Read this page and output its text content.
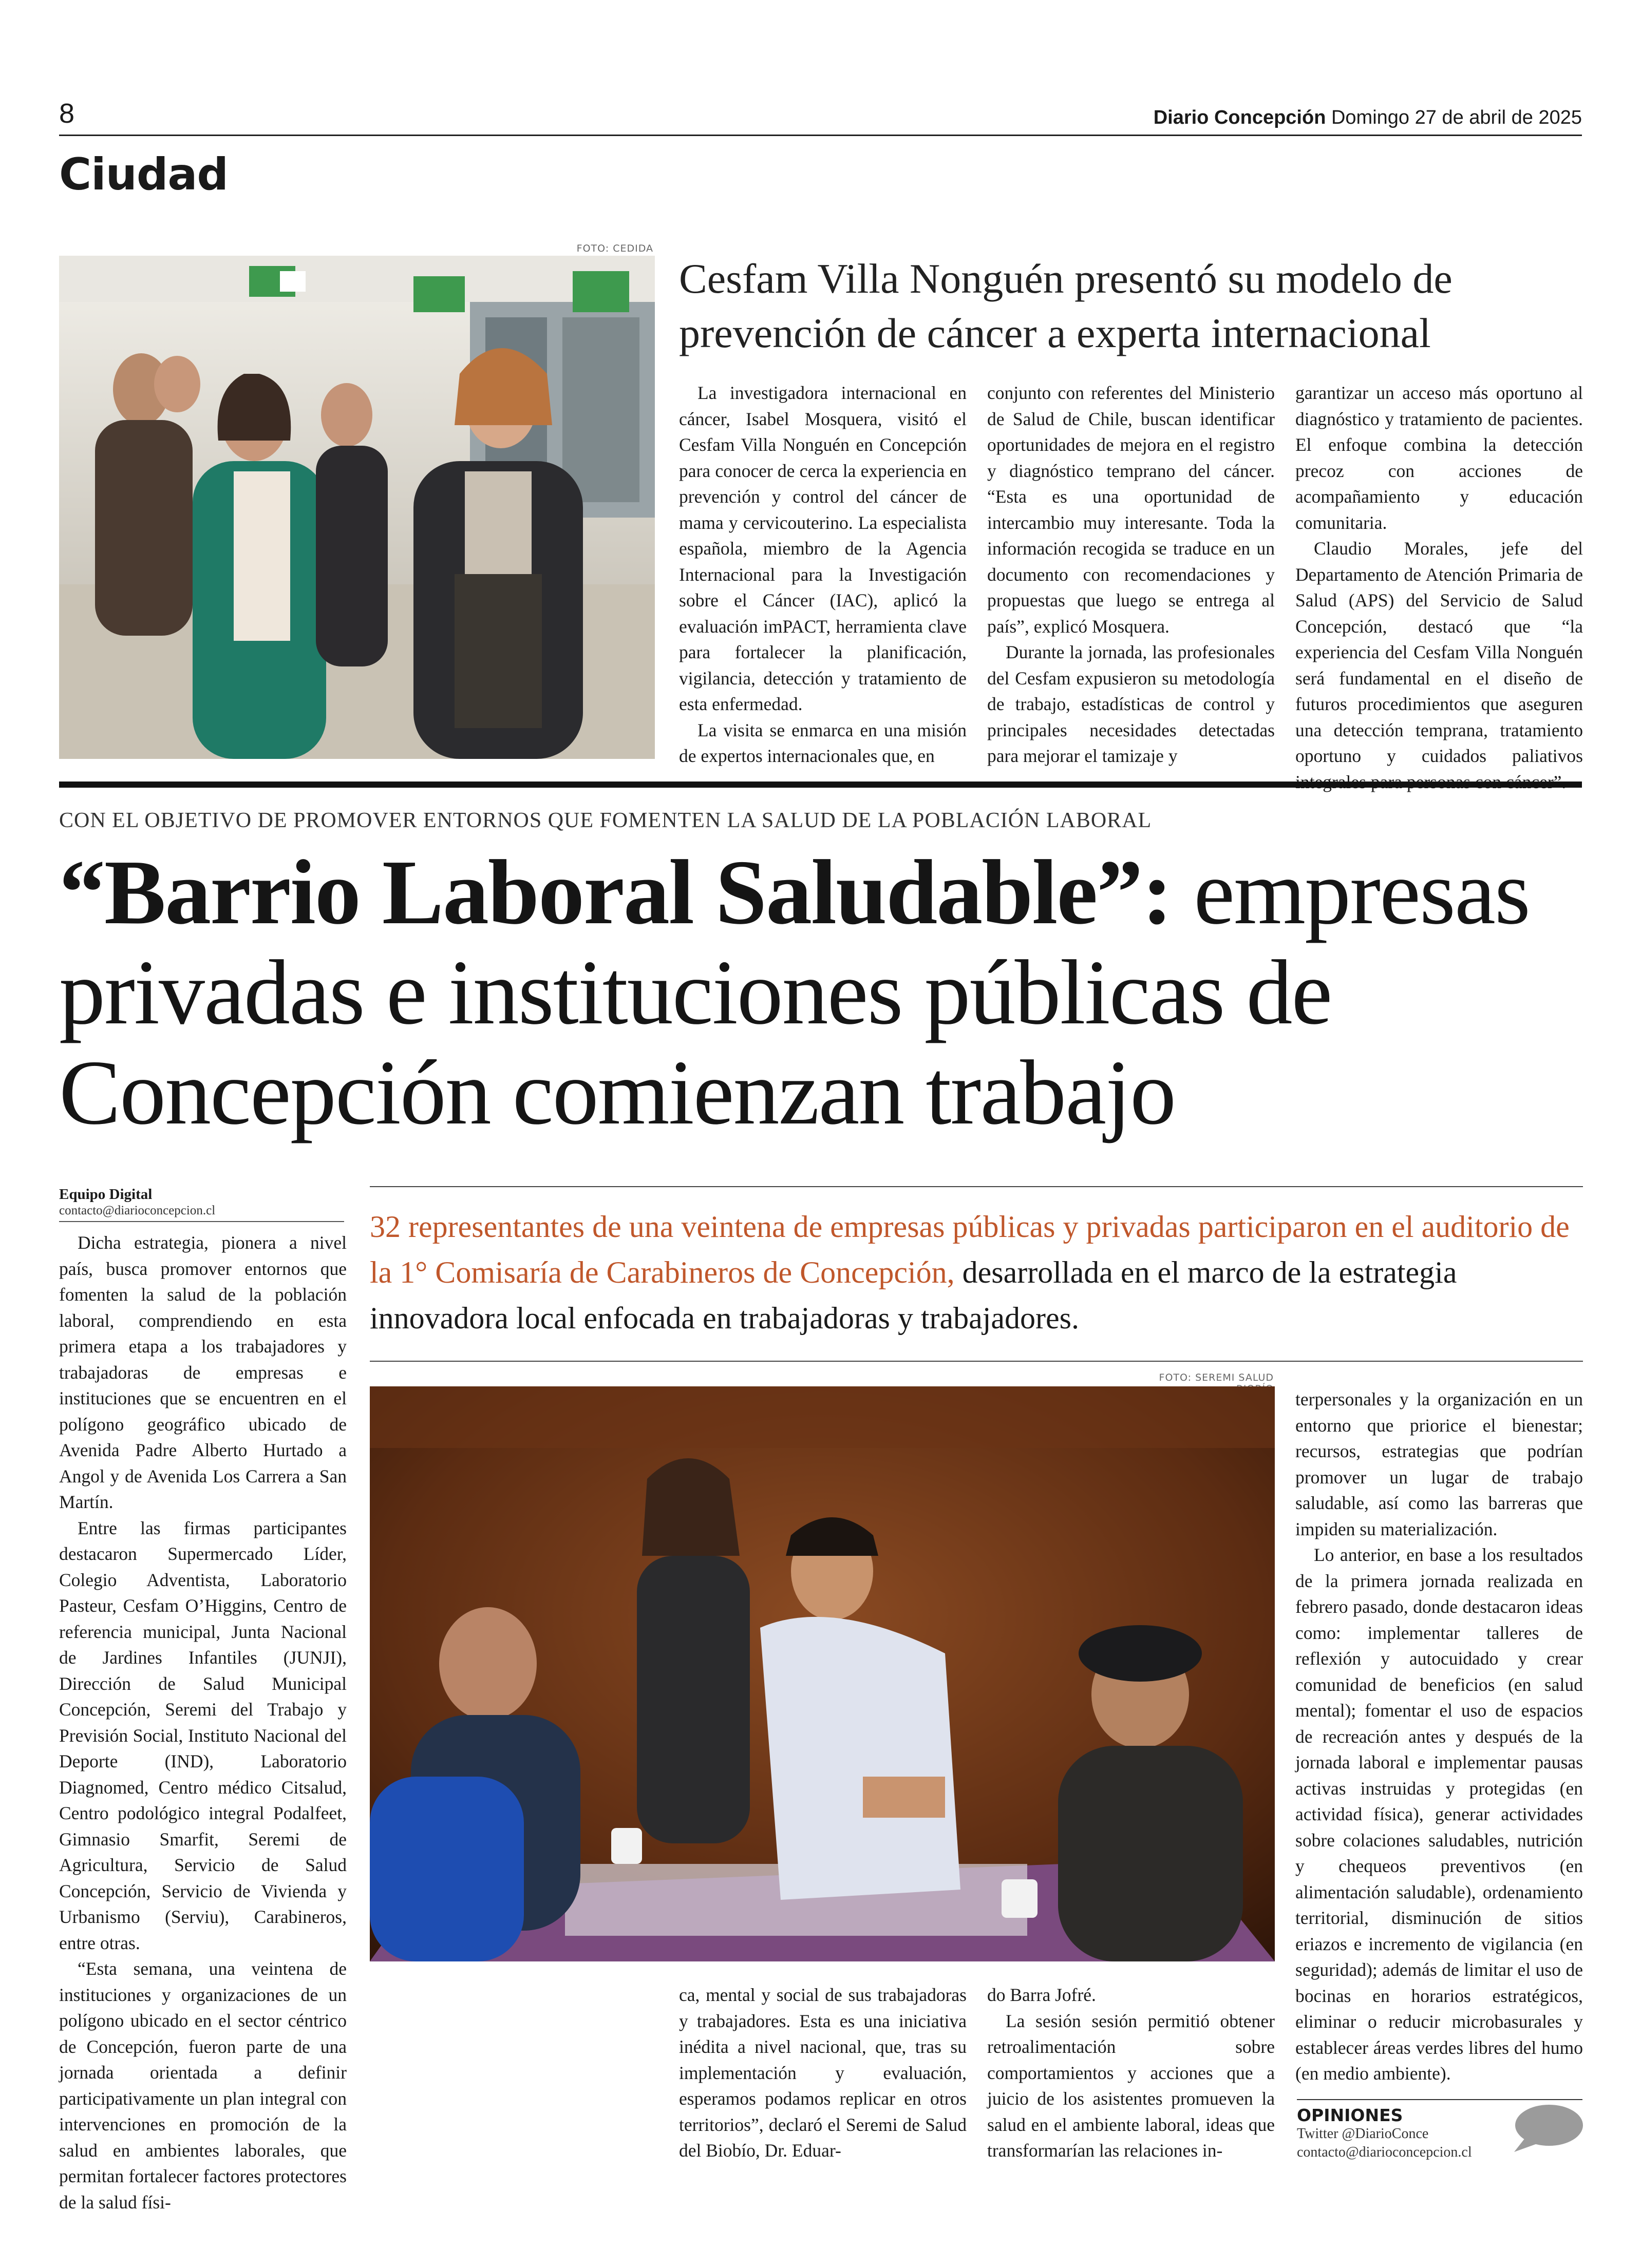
8	Diario Concepción Domingo 27 de abril de 2025
Ciudad
FOTO: CEDIDA
Cesfam Villa Nonguén presentó su modelo de prevención de cáncer a experta internacional

La investigadora internacional en cáncer, Isabel Mosquera, visitó el Cesfam Villa Nonguén en Concepción para conocer de cerca la experiencia en prevención y control del cáncer de mama y cervicouterino. La especialista española, miembro de la Agencia Internacional para la Investigación sobre el Cáncer (IAC), aplicó la evaluación imPACT, herramienta clave para fortalecer la planificación, vigilancia, detección y tratamiento de esta enfermedad.

La visita se enmarca en una misión de expertos internacionales que, en

conjunto con referentes del Ministerio de Salud de Chile, buscan identificar oportunidades de mejora en el registro y diagnóstico temprano del cáncer. “Esta es una oportunidad de intercambio muy interesante. Toda la información recogida se traduce en un documento con recomendaciones y propuestas que luego se entrega al país”, explicó Mosquera.

Durante la jornada, las profesionales del Cesfam expusieron su metodología de trabajo, estadísticas de control y principales necesidades detectadas para mejorar el tamizaje y

garantizar un acceso más oportuno al diagnóstico y tratamiento de pacientes. El enfoque combina la detección precoz con acciones de acompañamiento y educación comunitaria.

Claudio Morales, jefe del Departamento de Atención Primaria de Salud (APS) del Servicio de Salud Concepción, destacó que “la experiencia del Cesfam Villa Nonguén será fundamental en el diseño de futuros procedimientos que aseguren una detección temprana, tratamiento oportuno y cuidados paliativos

CON EL OBJETIVO DE PROMOVER ENTORNOS QUE FOMENTEN LA SALUD DE LA POBLACIÓN LABORAL
“Barrio Laboral Saludable”: empresas privadas e instituciones públicas de Concepción comienzan trabajo
Equipo Digital
contacto@diarioconcepcion.cl	32 representantes de una veintena de empresas públicas y privadas participaron en el auditorio de la 1° Comisaría de Carabineros de Concepción, desarrollada en el marco de la estrategia innovadora local enfocada en trabajadoras y trabajadores.

Dicha estrategia, pionera a nivel país, busca promover entornos que fomenten la salud de la población laboral, comprendiendo en esta primera etapa a los trabajadores y trabajadoras de empresas e instituciones que se encuentren en el polígono geográfico ubicado de Avenida Padre Alberto Hurtado a Angol y de Avenida Los Carrera a San Martín.

Entre las firmas participantes destacaron Supermercado Líder, Colegio Adventista, Laboratorio Pasteur, Cesfam O’Higgins, Centro de referencia municipal, Junta Nacional de Jardines Infantiles (JUNJI), Dirección de Salud Municipal Concepción, Seremi del Trabajo y Previsión Social, Instituto Nacional del Deporte (IND), Laboratorio Diagnomed, Centro médico Citsalud, Centro podológico integral Podalfeet, Gimnasio Smarfit, Seremi de Agricultura, Servicio de Salud Concepción, Servicio de Vivienda y Urbanismo (Serviu), Carabineros, entre otras.

“Esta semana, una veintena de instituciones y organizaciones de un polígono ubicado en el sector céntrico de Concepción, fueron parte de una jornada orientada a definir participativamente un plan integral con intervenciones en promoción de la salud en ambientes laborales, que permitan fortalecer factores protectores de la salud físi-

FOTO: SEREMI SALUD

ca, mental y social de sus trabajadoras y trabajadores. Esta es una iniciativa inédita a nivel nacional, que, tras su implementación y evaluación, esperamos podamos replicar en otros territorios”, declaró el Seremi de Salud del Biobío, Dr. Eduar-

do Barra Jofré.

La sesión sesión permitió obtener retroalimentación sobre comportamientos y acciones que a juicio de los asistentes promueven la salud en el ambiente laboral, ideas que transformarían las relaciones in-

terpersonales y la organización en un entorno que priorice el bienestar; recursos, estrategias que podrían promover un lugar de trabajo saludable, así como las barreras que impiden su materialización.

Lo anterior, en base a los resultados de la primera jornada realizada en febrero pasado, donde destacaron ideas como: implementar talleres de reflexión y autocuidado y crear comunidad de beneficios (en salud mental); fomentar el uso de espacios de recreación antes y después de la jornada laboral e implementar pausas activas instruidas y protegidas (en actividad física), generar actividades sobre colaciones saludables, nutrición y chequeos preventivos (en alimentación saludable), ordenamiento territorial, disminución de sitios eriazos e incremento de vigilancia (en seguridad); además de limitar el uso de bocinas en horarios estratégicos, eliminar o reducir microbasurales y establecer áreas verdes libres del humo (en medio ambiente).

OPINIONES
Twitter @DiarioConce
contacto@diarioconcepcion.cl
